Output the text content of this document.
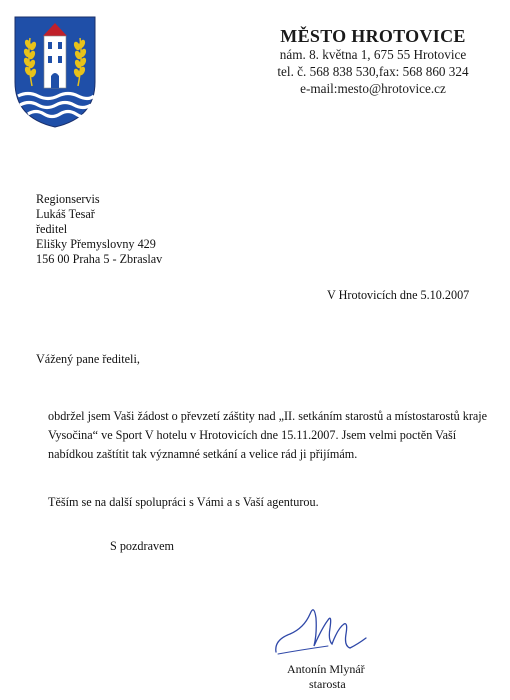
MĚSTO HROTOVICE
nám. 8. května 1, 675 55 Hrotovice
tel. č. 568 838 530,fax: 568 860 324
e-mail:mesto@hrotovice.cz
Regionservis
Lukáš Tesař
ředitel
Elišky Přemyslovny 429
156 00 Praha 5 - Zbraslav
V Hrotovicích dne 5.10.2007
Vážený pane řediteli,
obdržel jsem Vaši žádost o převzetí záštity nad „II. setkáním starostů a místostarostů kraje
Vysočina“ ve Sport V hotelu v Hrotovicích dne 15.11.2007. Jsem velmi poctěn Vaší
nabídkou zaštítit tak významné setkání a velice rád ji přijímám.
Těším se na další spolupráci s Vámi a s Vaší agenturou.
S pozdravem
Antonín Mlynář
starosta
